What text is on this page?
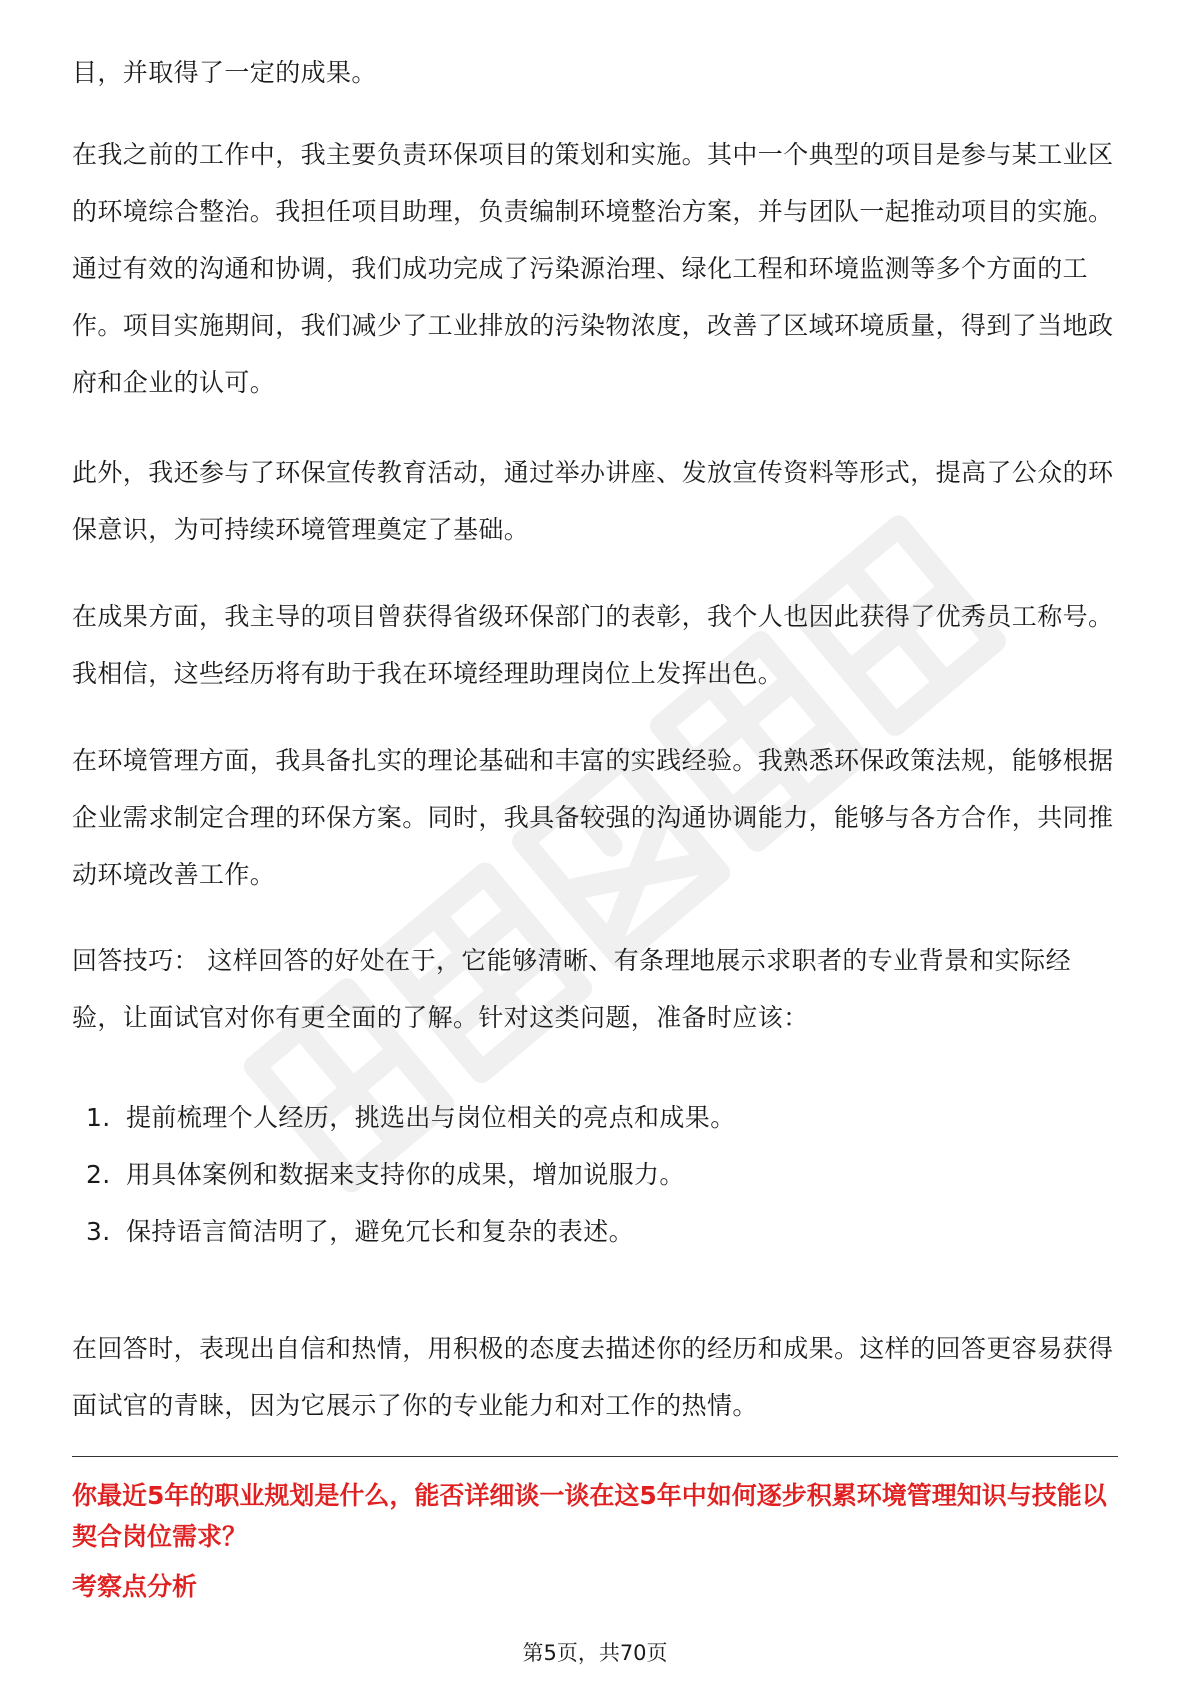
目，并取得了一定的成果。

在我之前的工作中，我主要负责环保项目的策划和实施。其中一个典型的项目是参与某工业区的环境综合整治。我担任项目助理，负责编制环境整治方案，并与团队一起推动项目的实施。通过有效的沟通和协调，我们成功完成了污染源治理、绿化工程和环境监测等多个方面的工作。项目实施期间，我们减少了工业排放的污染物浓度，改善了区域环境质量，得到了当地政府和企业的认可。

此外，我还参与了环保宣传教育活动，通过举办讲座、发放宣传资料等形式，提高了公众的环保意识，为可持续环境管理奠定了基础。

在成果方面，我主导的项目曾获得省级环保部门的表彰，我个人也因此获得了优秀员工称号。我相信，这些经历将有助于我在环境经理助理岗位上发挥出色。

在环境管理方面，我具备扎实的理论基础和丰富的实践经验。我熟悉环保政策法规，能够根据企业需求制定合理的环保方案。同时，我具备较强的沟通协调能力，能够与各方合作，共同推动环境改善工作。

回答技巧： 这样回答的好处在于，它能够清晰、有条理地展示求职者的专业背景和实际经验，让面试官对你有更全面的了解。针对这类问题，准备时应该：

1. 提前梳理个人经历，挑选出与岗位相关的亮点和成果。
2. 用具体案例和数据来支持你的成果，增加说服力。
3. 保持语言简洁明了，避免冗长和复杂的表述。

在回答时，表现出自信和热情，用积极的态度去描述你的经历和成果。这样的回答更容易获得面试官的青睐，因为它展示了你的专业能力和对工作的热情。

你最近5年的职业规划是什么，能否详细谈一谈在这5年中如何逐步积累环境管理知识与技能以契合岗位需求？

考察点分析

第5页，共70页
